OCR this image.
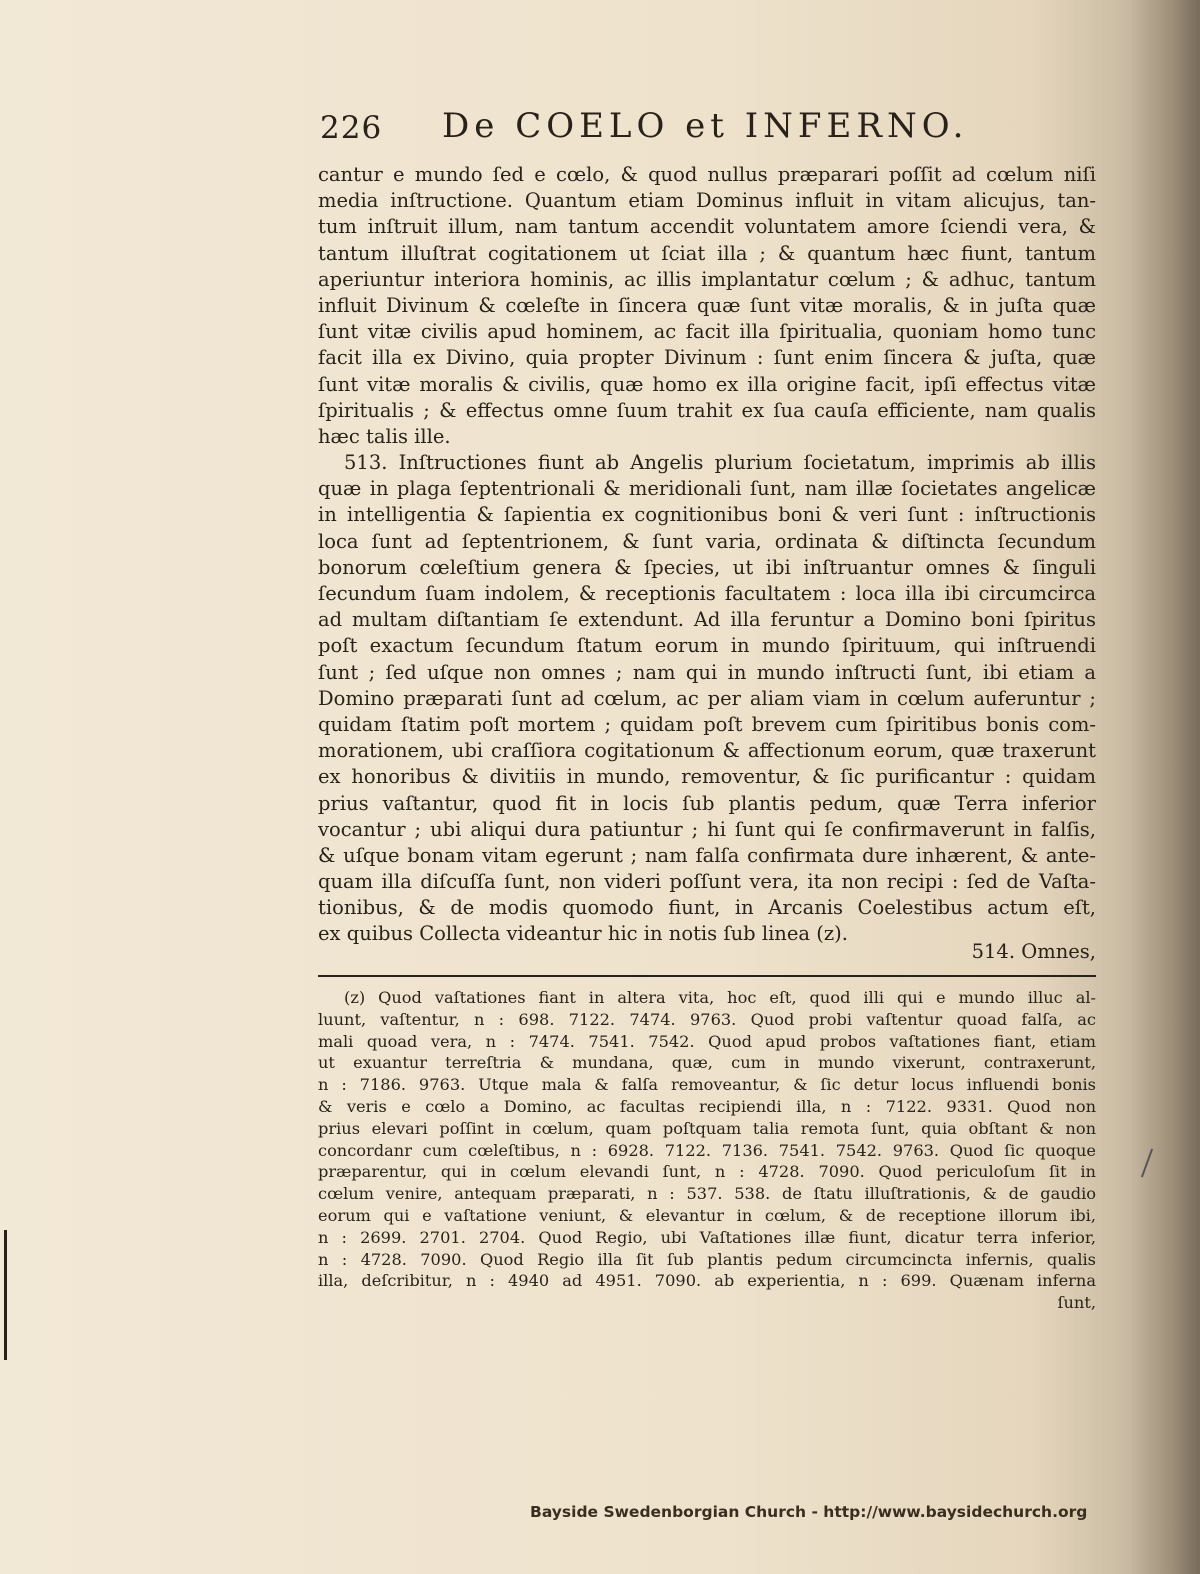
226 De COELO et INFERNO.
cantur e mundo ſed e cœlo, & quod nullus præparari poſſit ad cœlum niſi
media inſtructione. Quantum etiam Dominus influit in vitam alicujus, tan-
tum inſtruit illum, nam tantum accendit voluntatem amore ſciendi vera, &
tantum illuſtrat cogitationem ut ſciat illa ; & quantum hæc fiunt, tantum
aperiuntur interiora hominis, ac illis implantatur cœlum ; & adhuc, tantum
influit Divinum & cœleſte in ſincera quæ ſunt vitæ moralis, & in juſta quæ
ſunt vitæ civilis apud hominem, ac facit illa ſpiritualia, quoniam homo tunc
facit illa ex Divino, quia propter Divinum : ſunt enim ſincera & juſta, quæ
ſunt vitæ moralis & civilis, quæ homo ex illa origine facit, ipſi effectus vitæ
ſpiritualis ; & effectus omne ſuum trahit ex ſua cauſa efficiente, nam qualis
hæc talis ille.
513. Inſtructiones fiunt ab Angelis plurium ſocietatum, imprimis ab illis
quæ in plaga ſeptentrionali & meridionali ſunt, nam illæ ſocietates angelicæ
in intelligentia & ſapientia ex cognitionibus boni & veri ſunt : inſtructionis
loca ſunt ad ſeptentrionem, & ſunt varia, ordinata & diſtincta ſecundum
bonorum cœleſtium genera & ſpecies, ut ibi inſtruantur omnes & ſinguli
ſecundum ſuam indolem, & receptionis facultatem : loca illa ibi circumcirca
ad multam diſtantiam ſe extendunt. Ad illa feruntur a Domino boni ſpiritus
poſt exactum ſecundum ſtatum eorum in mundo ſpirituum, qui inſtruendi
ſunt ; ſed uſque non omnes ; nam qui in mundo inſtructi ſunt, ibi etiam a
Domino præparati ſunt ad cœlum, ac per aliam viam in cœlum auferuntur ;
quidam ſtatim poſt mortem ; quidam poſt brevem cum ſpiritibus bonis com-
morationem, ubi craſſiora cogitationum & affectionum eorum, quæ traxerunt
ex honoribus & divitiis in mundo, removentur, & ſic purificantur : quidam
prius vaſtantur, quod fit in locis ſub plantis pedum, quæ Terra inferior
vocantur ; ubi aliqui dura patiuntur ; hi ſunt qui ſe confirmaverunt in falſis,
& uſque bonam vitam egerunt ; nam falſa confirmata dure inhærent, & ante-
quam illa diſcuſſa ſunt, non videri poſſunt vera, ita non recipi : ſed de Vaſta-
tionibus, & de modis quomodo fiunt, in Arcanis Coelestibus actum eſt,
ex quibus Collecta videantur hic in notis ſub linea (z).
514. Omnes,
(z) Quod vaſtationes fiant in altera vita, hoc eſt, quod illi qui e mundo illuc al-
luunt, vaſtentur, n : 698. 7122. 7474. 9763. Quod probi vaſtentur quoad falſa, ac
mali quoad vera, n : 7474. 7541. 7542. Quod apud probos vaſtationes fiant, etiam
ut exuantur terreſtria & mundana, quæ, cum in mundo vixerunt, contraxerunt,
n : 7186. 9763. Utque mala & falſa removeantur, & ſic detur locus influendi bonis
& veris e cœlo a Domino, ac facultas recipiendi illa, n : 7122. 9331. Quod non
prius elevari poſſint in cœlum, quam poſtquam talia remota ſunt, quia obſtant & non
concordanr cum cœleſtibus, n : 6928. 7122. 7136. 7541. 7542. 9763. Quod ſic quoque
præparentur, qui in cœlum elevandi ſunt, n : 4728. 7090. Quod periculoſum ſit in
cœlum venire, antequam præparati, n : 537. 538. de ſtatu illuſtrationis, & de gaudio
eorum qui e vaſtatione veniunt, & elevantur in cœlum, & de receptione illorum ibi,
n : 2699. 2701. 2704. Quod Regio, ubi Vaſtationes illæ fiunt, dicatur terra inferior,
n : 4728. 7090. Quod Regio illa ſit ſub plantis pedum circumcincta infernis, qualis
illa, deſcribitur, n : 4940 ad 4951. 7090. ab experientia, n : 699. Quænam inferna
ſunt,
Bayside Swedenborgian Church - http://www.baysidechurch.org
